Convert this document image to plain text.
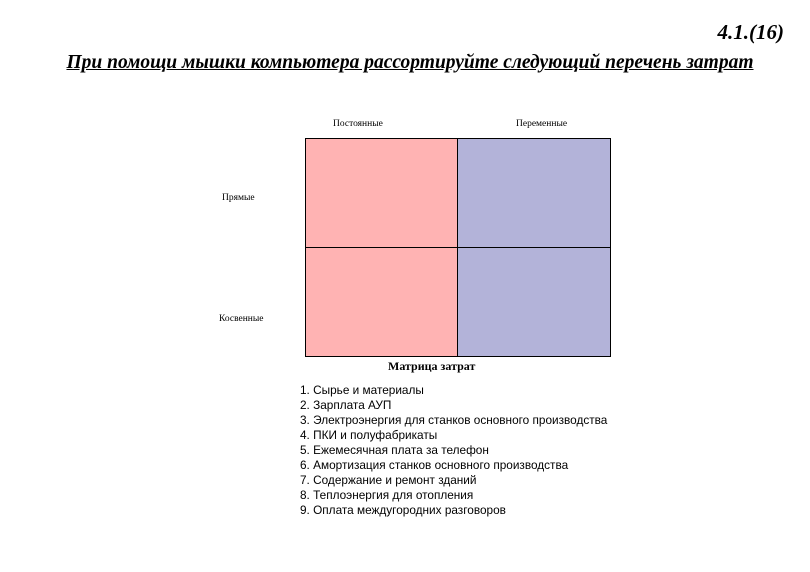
4.1.(16)
При помощи мышки компьютера рассортируйте следующий перечень затрат
Постоянные	Переменные
Прямые
Косвенные
Матрица затрат
1. Сырье и материалы
2. Зарплата АУП
3. Электроэнергия для станков основного производства
4. ПКИ и полуфабрикаты
5. Ежемесячная плата за телефон
6. Амортизация станков основного производства
7. Содержание и ремонт зданий
8. Теплоэнергия для отопления
9. Оплата междугородних разговоров
